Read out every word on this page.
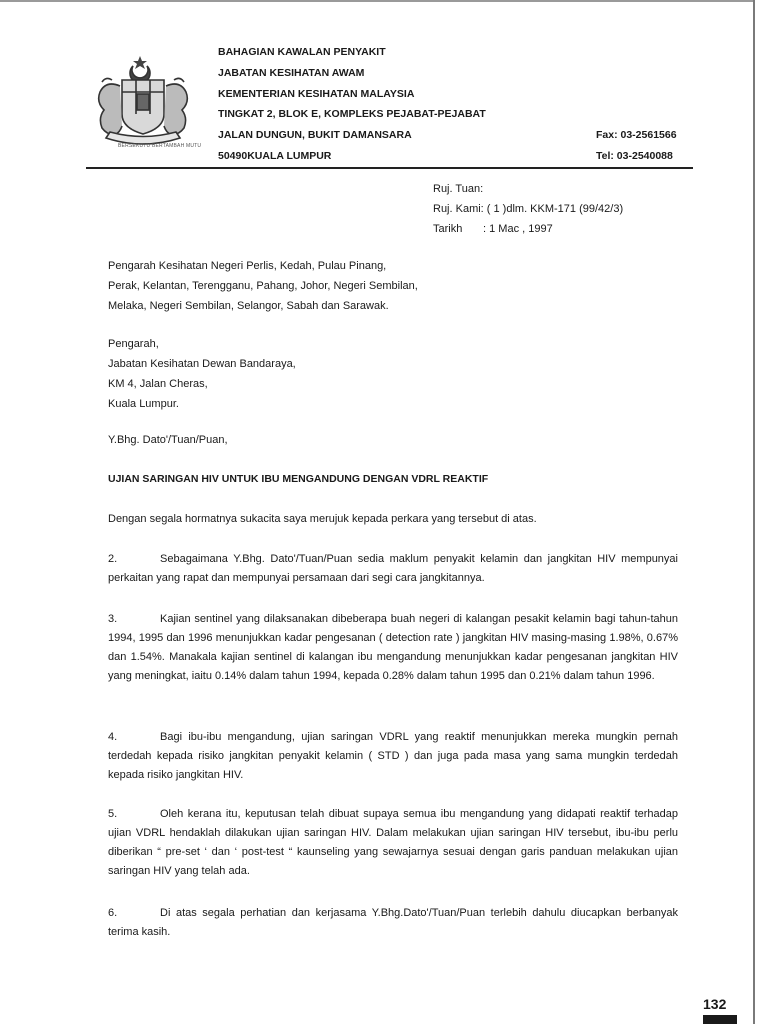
BERSEKUTU BERTAMBAH MUTU
BAHAGIAN KAWALAN PENYAKIT
JABATAN KESIHATAN AWAM
KEMENTERIAN KESIHATAN MALAYSIA
TINGKAT 2, BLOK E, KOMPLEKS PEJABAT-PEJABAT
JALAN DUNGUN, BUKIT DAMANSARA	Fax: 03-2561566
50490KUALA LUMPUR	Tel: 03-2540088
Ruj. Tuan:
Ruj. Kami: ( 1 )dlm. KKM-171 (99/42/3)
Tarikh : 1 Mac , 1997
Pengarah Kesihatan Negeri Perlis, Kedah, Pulau Pinang,
Perak, Kelantan, Terengganu, Pahang, Johor, Negeri Sembilan,
Melaka, Negeri Sembilan, Selangor, Sabah dan Sarawak.
Pengarah,
Jabatan Kesihatan Dewan Bandaraya,
KM 4, Jalan Cheras,
Kuala Lumpur.
Y.Bhg. Dato'/Tuan/Puan,
UJIAN SARINGAN HIV UNTUK IBU MENGANDUNG DENGAN VDRL REAKTIF
Dengan segala hormatnya sukacita saya merujuk kepada perkara yang tersebut di atas.
2.	Sebagaimana Y.Bhg. Dato'/Tuan/Puan sedia maklum penyakit kelamin dan jangkitan HIV mempunyai perkaitan yang rapat dan mempunyai persamaan dari segi cara jangkitannya.
3.	Kajian sentinel yang dilaksanakan dibeberapa buah negeri di kalangan pesakit kelamin bagi tahun-tahun 1994, 1995 dan 1996 menunjukkan kadar pengesanan ( detection rate ) jangkitan HIV masing-masing 1.98%, 0.67% dan 1.54%. Manakala kajian sentinel di kalangan ibu mengandung menunjukkan kadar pengesanan jangkitan HIV yang meningkat, iaitu 0.14% dalam tahun 1994, kepada 0.28% dalam tahun 1995 dan 0.21% dalam tahun 1996.
4.	Bagi ibu-ibu mengandung, ujian saringan VDRL yang reaktif menunjukkan mereka mungkin pernah terdedah kepada risiko jangkitan penyakit kelamin ( STD ) dan juga pada masa yang sama mungkin terdedah kepada risiko jangkitan HIV.
5.	Oleh kerana itu, keputusan telah dibuat supaya semua ibu mengandung yang didapati reaktif terhadap ujian VDRL hendaklah dilakukan ujian saringan HIV. Dalam melakukan ujian saringan HIV tersebut, ibu-ibu perlu diberikan “ pre-set ‘ dan ‘ post-test “ kaunseling yang sewajarnya sesuai dengan garis panduan melakukan ujian saringan HIV yang telah ada.
6.	Di atas segala perhatian dan kerjasama Y.Bhg.Dato'/Tuan/Puan terlebih dahulu diucapkan berbanyak terima kasih.
132
